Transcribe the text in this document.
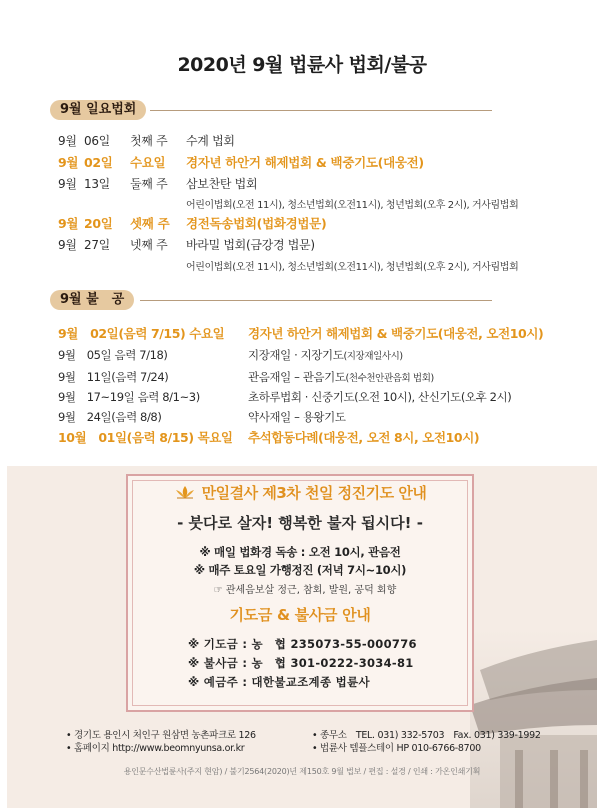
2020년 9월 법륜사 법회/불공
9월 일요법회
9월 06일 첫째 주 수계 법회
9월 02일 수요일 경자년 하안거 해제법회 & 백중기도(대웅전)
9월 13일 둘째 주 삼보찬탄 법회
어린이법회(오전 11시), 청소년법회(오전11시), 청년법회(오후 2시), 거사림법회
9월 20일 셋째 주 경전독송법회(법화경법문)
9월 27일 넷째 주 바라밀 법회(금강경 법문)
어린이법회(오전 11시), 청소년법회(오전11시), 청년법회(오후 2시), 거사림법회
9월 불　공
9월　02일(음력 7/15) 수요일 경자년 하안거 해제법회 & 백중기도(대웅전, 오전10시)
9월　05일 음력 7/18)	지장재일 · 지장기도(지장재일사시)
9월　11일(음력 7/24)	관음재일 – 관음기도(천수천안관음회 법회)
9월　17~19일 음력 8/1~3)	초하루법회 · 신중기도(오전 10시), 산신기도(오후 2시)
9월　24일(음력 8/8)	약사재일 – 용왕기도
10월　01일(음력 8/15) 목요일 추석합동다례(대웅전, 오전 8시, 오전10시)
만일결사 제3차 천일 정진기도 안내
- 붓다로 살자! 행복한 불자 됩시다! -
※ 매일 법화경 독송 : 오전 10시, 관음전
※ 매주 토요일 가행정진 (저녁 7시~10시)
☞ 관세음보살 정근, 참회, 발원, 공덕 회향
기도금 & 불사금 안내
※ 기도금 : 농　협 235073-55-000776
※ 불사금 : 농　협 301-0222-3034-81
※ 예금주 : 대한불교조계종 법륜사
• 경기도 용인시 처인구 원삼면 농촌파크로 126
• 홈페이지 http://www.beomnyunsa.or.kr
• 종무소　TEL. 031) 332-5703　Fax. 031) 339-1992
• 법륜사 템플스테이 HP 010-6766-8700
용인문수산법륜사(주지 현암) / 불기2564(2020)년 제150호 9월 법보 / 편집 : 설경 / 인쇄 : 가온인쇄기획
